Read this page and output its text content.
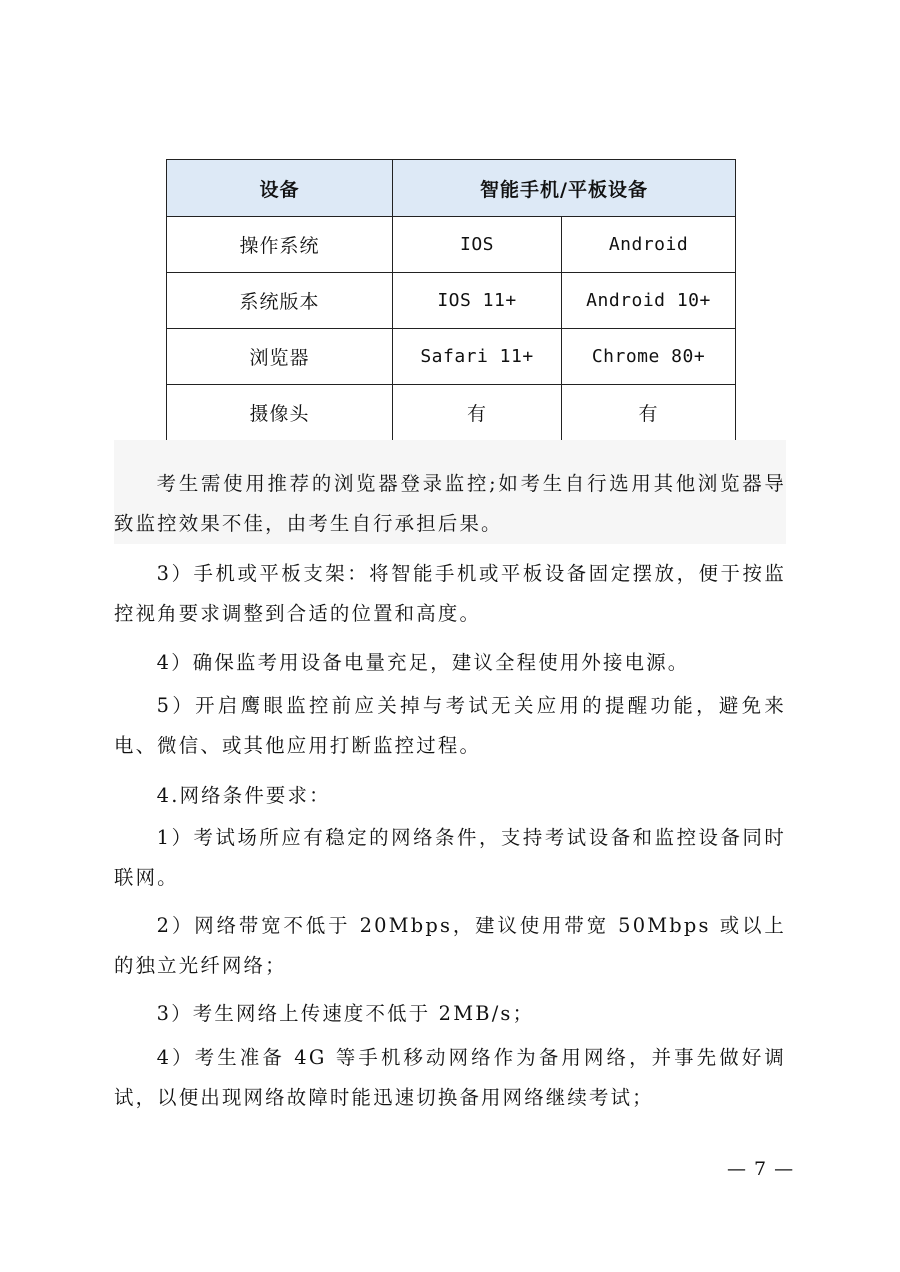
设备	智能手机/平板设备	
操作系统	IOS	Android
系统版本	IOS 11+	Android 10+
浏览器	Safari 11+	Chrome 80+
摄像头	有	有

考生需使用推荐的浏览器登录监控;如考生自行选用其他浏览器导致监控效果不佳，由考生自行承担后果。

3）手机或平板支架：将智能手机或平板设备固定摆放，便于按监控视角要求调整到合适的位置和高度。

4）确保监考用设备电量充足，建议全程使用外接电源。

5）开启鹰眼监控前应关掉与考试无关应用的提醒功能，避免来电、微信、或其他应用打断监控过程。

4.网络条件要求：

1）考试场所应有稳定的网络条件，支持考试设备和监控设备同时联网。

2）网络带宽不低于 20Mbps，建议使用带宽 50Mbps 或以上的独立光纤网络；

3）考生网络上传速度不低于 2MB/s；

4）考生准备 4G 等手机移动网络作为备用网络，并事先做好调试，以便出现网络故障时能迅速切换备用网络继续考试；

— 7 —
